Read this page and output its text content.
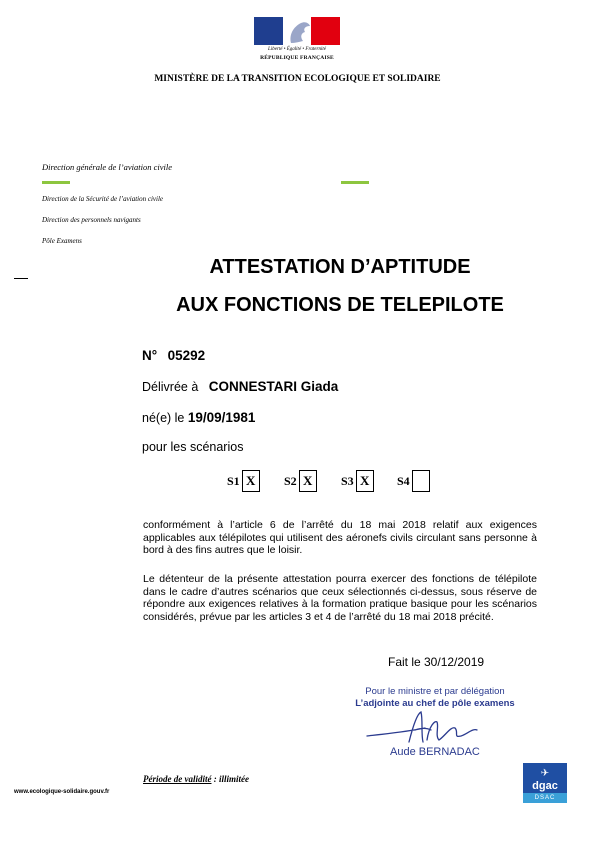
Liberté • Égalité • Fraternité
RÉPUBLIQUE FRANÇAISE
MINISTÈRE DE LA TRANSITION ECOLOGIQUE ET SOLIDAIRE
Direction générale de l’aviation civile
Direction de la Sécurité de l’aviation civile
Direction des personnels navigants
Pôle Examens
ATTESTATION D’APTITUDE
AUX FONCTIONS DE TELEPILOTE
N° 05292
Délivrée à CONNESTARI Giada
né(e) le 19/09/1981
pour les scénarios
S1 X	S2 X	S3 X	S4
conformément à l’article 6 de l’arrêté du 18 mai 2018 relatif aux exigences applicables aux télépilotes qui utilisent des aéronefs civils circulant sans personne à bord à des fins autres que le loisir.
Le détenteur de la présente attestation pourra exercer des fonctions de télépilote dans le cadre d’autres scénarios que ceux sélectionnés ci-dessus, sous réserve de répondre aux exigences relatives à la formation pratique basique pour les scénarios considérés, prévue par les articles 3 et 4 de l’arrêté du 18 mai 2018 précité.
Fait le 30/12/2019
Pour le ministre et par délégation
L’adjointe au chef de pôle examens
Aude BERNADAC
Période de validité : illimitée
www.ecologique-solidaire.gouv.fr
✈
dgac
DSAC
